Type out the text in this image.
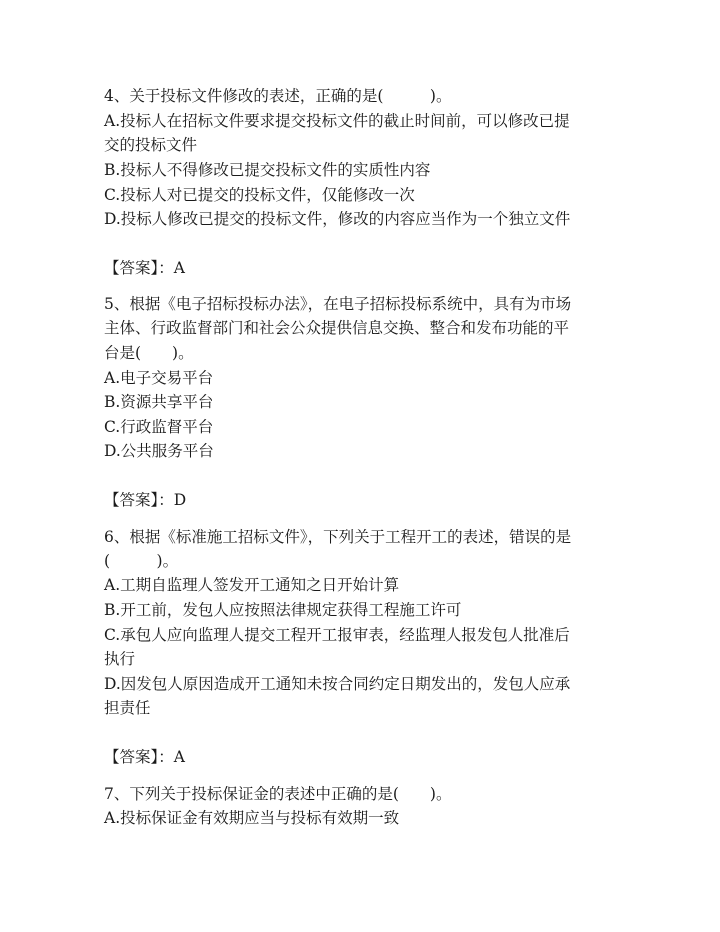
4、关于投标文件修改的表述，正确的是(　　　)。
A.投标人在招标文件要求提交投标文件的截止时间前，可以修改已提
交的投标文件
B.投标人不得修改已提交投标文件的实质性内容
C.投标人对已提交的投标文件，仅能修改一次
D.投标人修改已提交的投标文件，修改的内容应当作为一个独立文件
【答案】：A
5、根据《电子招标投标办法》，在电子招标投标系统中，具有为市场
主体、行政监督部门和社会公众提供信息交换、整合和发布功能的平
台是(　　)。
A.电子交易平台
B.资源共享平台
C.行政监督平台
D.公共服务平台
【答案】：D
6、根据《标准施工招标文件》，下列关于工程开工的表述，错误的是
(　　　)。
A.工期自监理人签发开工通知之日开始计算
B.开工前，发包人应按照法律规定获得工程施工许可
C.承包人应向监理人提交工程开工报审表，经监理人报发包人批准后
执行
D.因发包人原因造成开工通知未按合同约定日期发出的，发包人应承
担责任
【答案】：A
7、下列关于投标保证金的表述中正确的是(　　)。
A.投标保证金有效期应当与投标有效期一致
